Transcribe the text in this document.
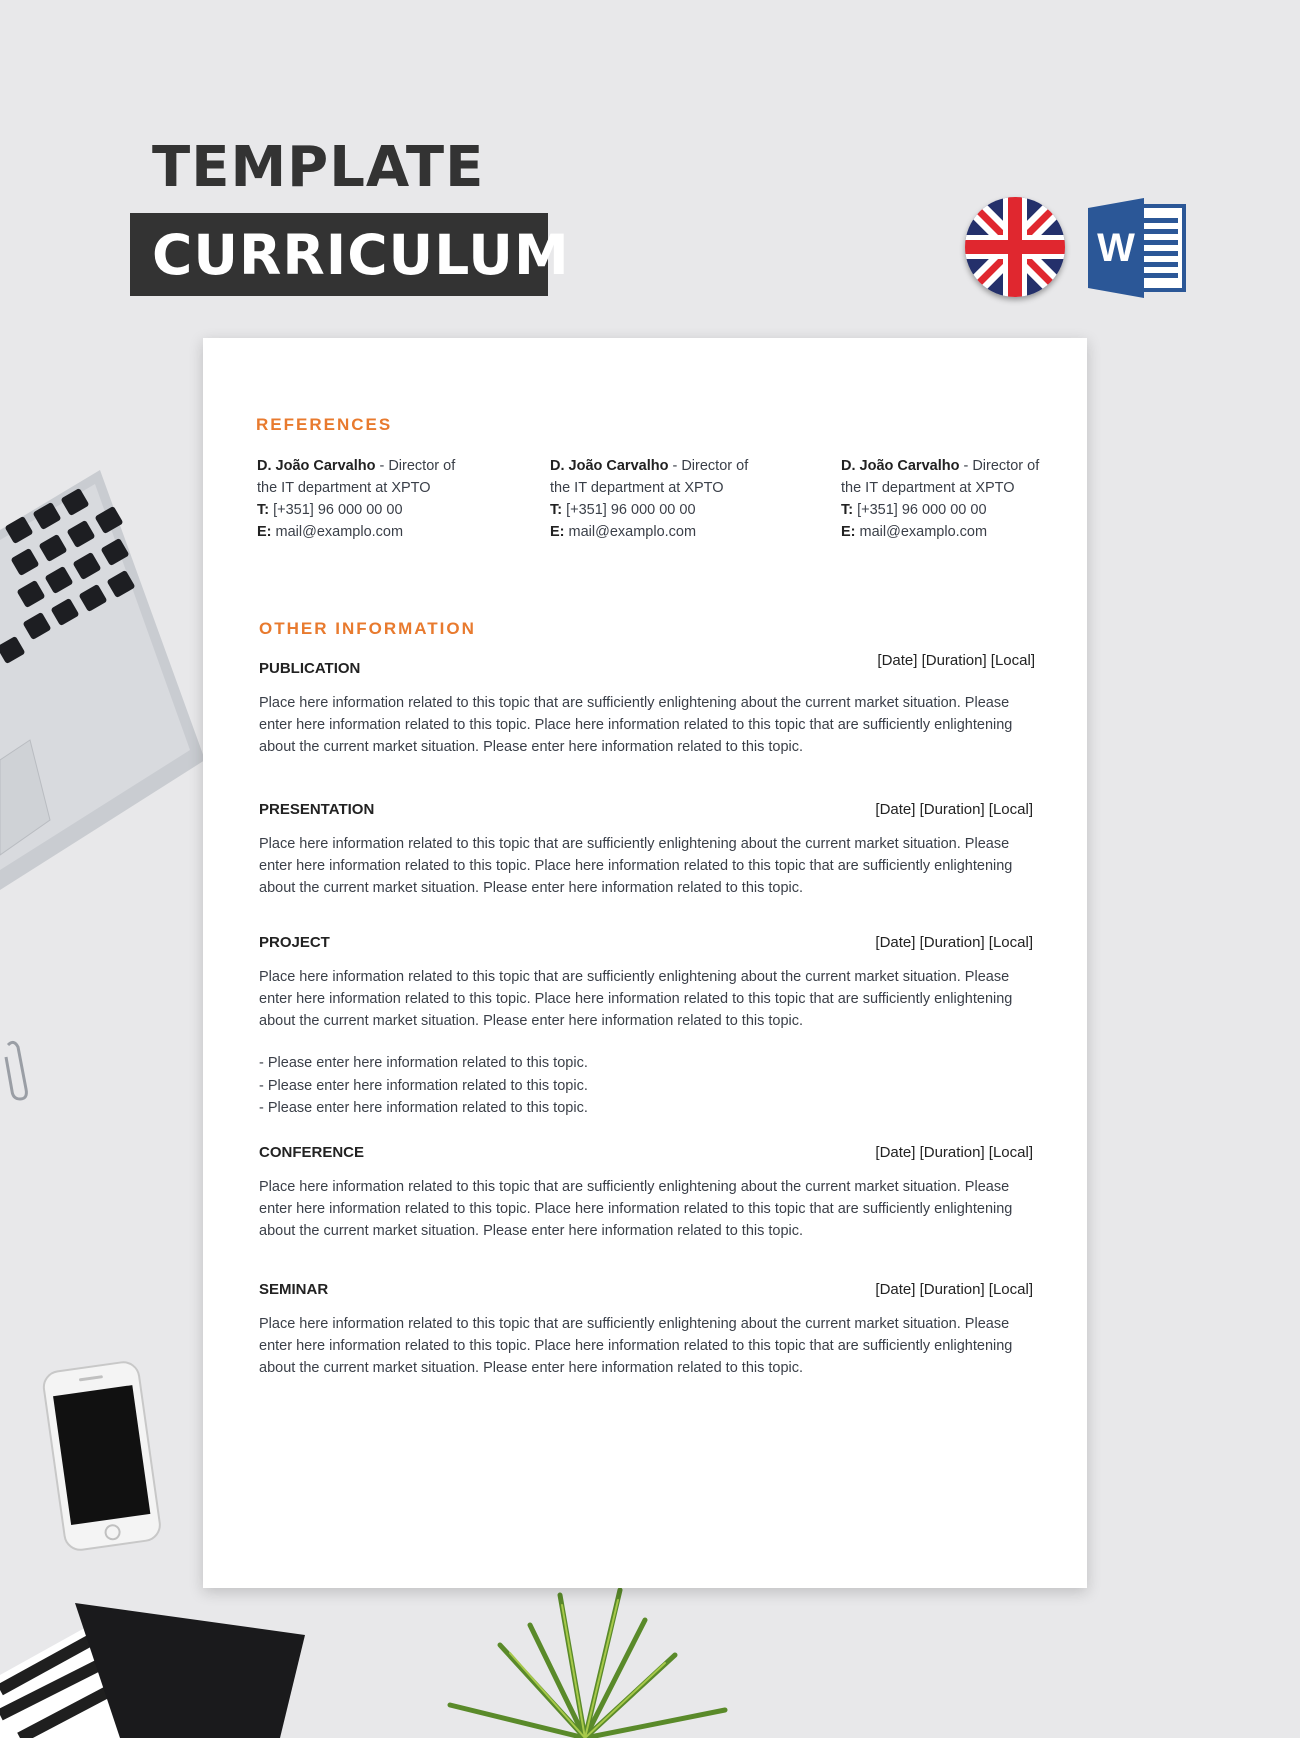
TEMPLATE
CURRICULUM	W
REFERENCES
D. João Carvalho - Director of
the IT department at XPTO
T: [+351] 96 000 00 00
E: mail@examplo.com
D. João Carvalho - Director of
the IT department at XPTO
T: [+351] 96 000 00 00
E: mail@examplo.com
D. João Carvalho - Director of
the IT department at XPTO
T: [+351] 96 000 00 00
E: mail@examplo.com
OTHER INFORMATION
PUBLICATION	[Date] [Duration] [Local]
Place here information related to this topic that are sufficiently enlightening about the current market situation. Please enter here information related to this topic. Place here information related to this topic that are sufficiently enlightening about the current market situation. Please enter here information related to this topic.
PRESENTATION	[Date] [Duration] [Local]
Place here information related to this topic that are sufficiently enlightening about the current market situation. Please enter here information related to this topic. Place here information related to this topic that are sufficiently enlightening about the current market situation. Please enter here information related to this topic.
PROJECT	[Date] [Duration] [Local]
Place here information related to this topic that are sufficiently enlightening about the current market situation. Please enter here information related to this topic. Place here information related to this topic that are sufficiently enlightening about the current market situation. Please enter here information related to this topic.
- Please enter here information related to this topic.
- Please enter here information related to this topic.
- Please enter here information related to this topic.
CONFERENCE	[Date] [Duration] [Local]
Place here information related to this topic that are sufficiently enlightening about the current market situation. Please enter here information related to this topic. Place here information related to this topic that are sufficiently enlightening about the current market situation. Please enter here information related to this topic.
SEMINAR	[Date] [Duration] [Local]
Place here information related to this topic that are sufficiently enlightening about the current market situation. Please enter here information related to this topic. Place here information related to this topic that are sufficiently enlightening about the current market situation. Please enter here information related to this topic.
